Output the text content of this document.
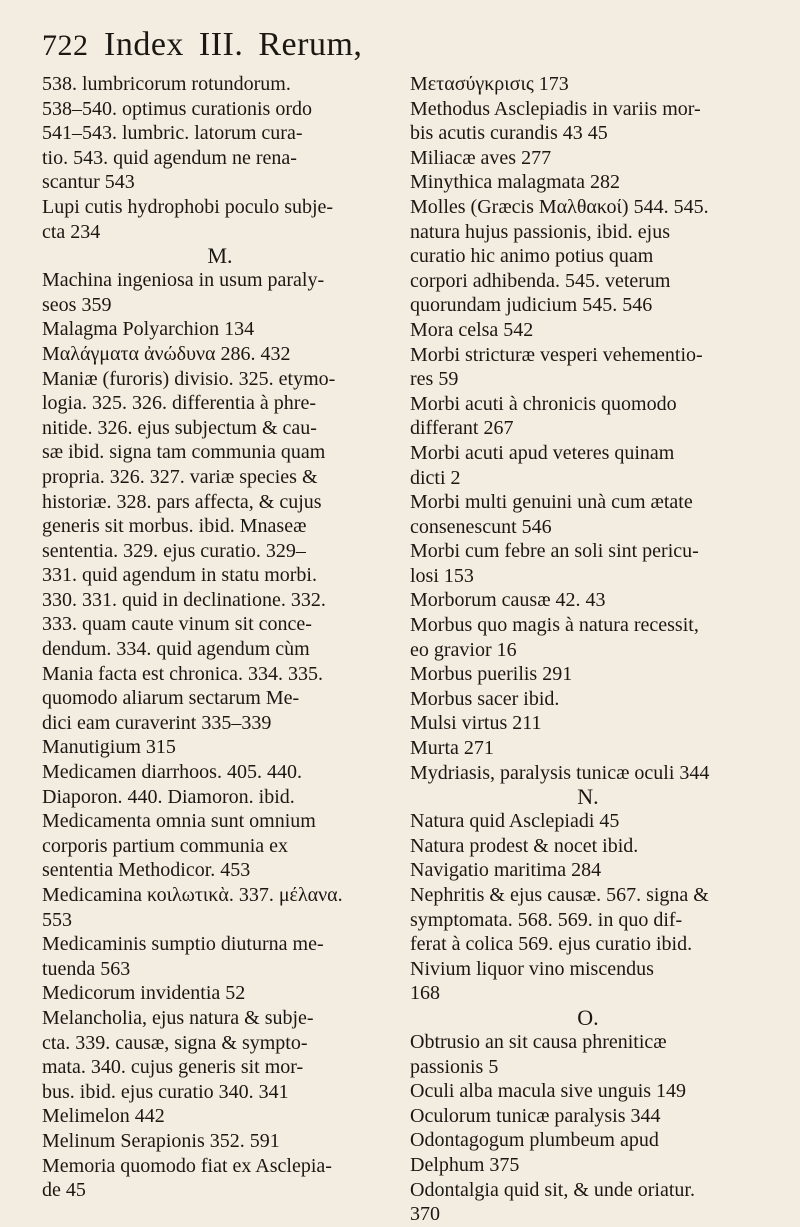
722 Index III. Rerum,

538. lumbricorum rotundorum.

538–540. optimus curationis ordo

541–543. lumbric. latorum cura-

tio. 543. quid agendum ne rena-

scantur 543

Lupi cutis hydrophobi poculo subje-

cta 234

M.

Machina ingeniosa in usum paraly-

seos 359

Malagma Polyarchion 134

Μαλάγματα ἀνώδυνα 286. 432

Maniæ (furoris) divisio. 325. etymo-

logia. 325. 326. differentia à phre-

nitide. 326. ejus subjectum & cau-

sæ ibid. signa tam communia quam

propria. 326. 327. variæ species &

historiæ. 328. pars affecta, & cujus

generis sit morbus. ibid. Mnaseæ

sententia. 329. ejus curatio. 329–

331. quid agendum in statu morbi.

330. 331. quid in declinatione. 332.

333. quam caute vinum sit conce-

dendum. 334. quid agendum cùm

Mania facta est chronica. 334. 335.

quomodo aliarum sectarum Me-

dici eam curaverint 335–339

Manutigium 315

Medicamen diarrhoos. 405. 440.

Diaporon. 440. Diamoron. ibid.

Medicamenta omnia sunt omnium

corporis partium communia ex

sententia Methodicor. 453

Medicamina κοιλωτικὰ. 337. μέλανα.

553

Medicaminis sumptio diuturna me-

tuenda 563

Medicorum invidentia 52

Melancholia, ejus natura & subje-

cta. 339. causæ, signa & sympto-

mata. 340. cujus generis sit mor-

bus. ibid. ejus curatio 340. 341

Melimelon 442

Melinum Serapionis 352. 591

Memoria quomodo fiat ex Asclepia-

de 45

Μετασύγκρισις 173

Methodus Asclepiadis in variis mor-

bis acutis curandis 43 45

Miliacæ aves 277

Minythica malagmata 282

Molles (Græcis Μαλθακοί) 544. 545.

natura hujus passionis, ibid. ejus

curatio hic animo potius quam

corpori adhibenda. 545. veterum

quorundam judicium 545. 546

Mora celsa 542

Morbi stricturæ vesperi vehementio-

res 59

Morbi acuti à chronicis quomodo

differant 267

Morbi acuti apud veteres quinam

dicti 2

Morbi multi genuini unà cum ætate

consenescunt 546

Morbi cum febre an soli sint pericu-

losi 153

Morborum causæ 42. 43

Morbus quo magis à natura recessit,

eo gravior 16

Morbus puerilis 291

Morbus sacer ibid.

Mulsi virtus 211

Murta 271

Mydriasis, paralysis tunicæ oculi 344

N.

Natura quid Asclepiadi 45

Natura prodest & nocet ibid.

Navigatio maritima 284

Nephritis & ejus causæ. 567. signa &

symptomata. 568. 569. in quo dif-

ferat à colica 569. ejus curatio ibid.

Nivium liquor vino miscendus

168

O.

Obtrusio an sit causa phreniticæ

passionis 5

Oculi alba macula sive unguis 149

Oculorum tunicæ paralysis 344

Odontagogum plumbeum apud

Delphum 375

Odontalgia quid sit, & unde oriatur.

370
